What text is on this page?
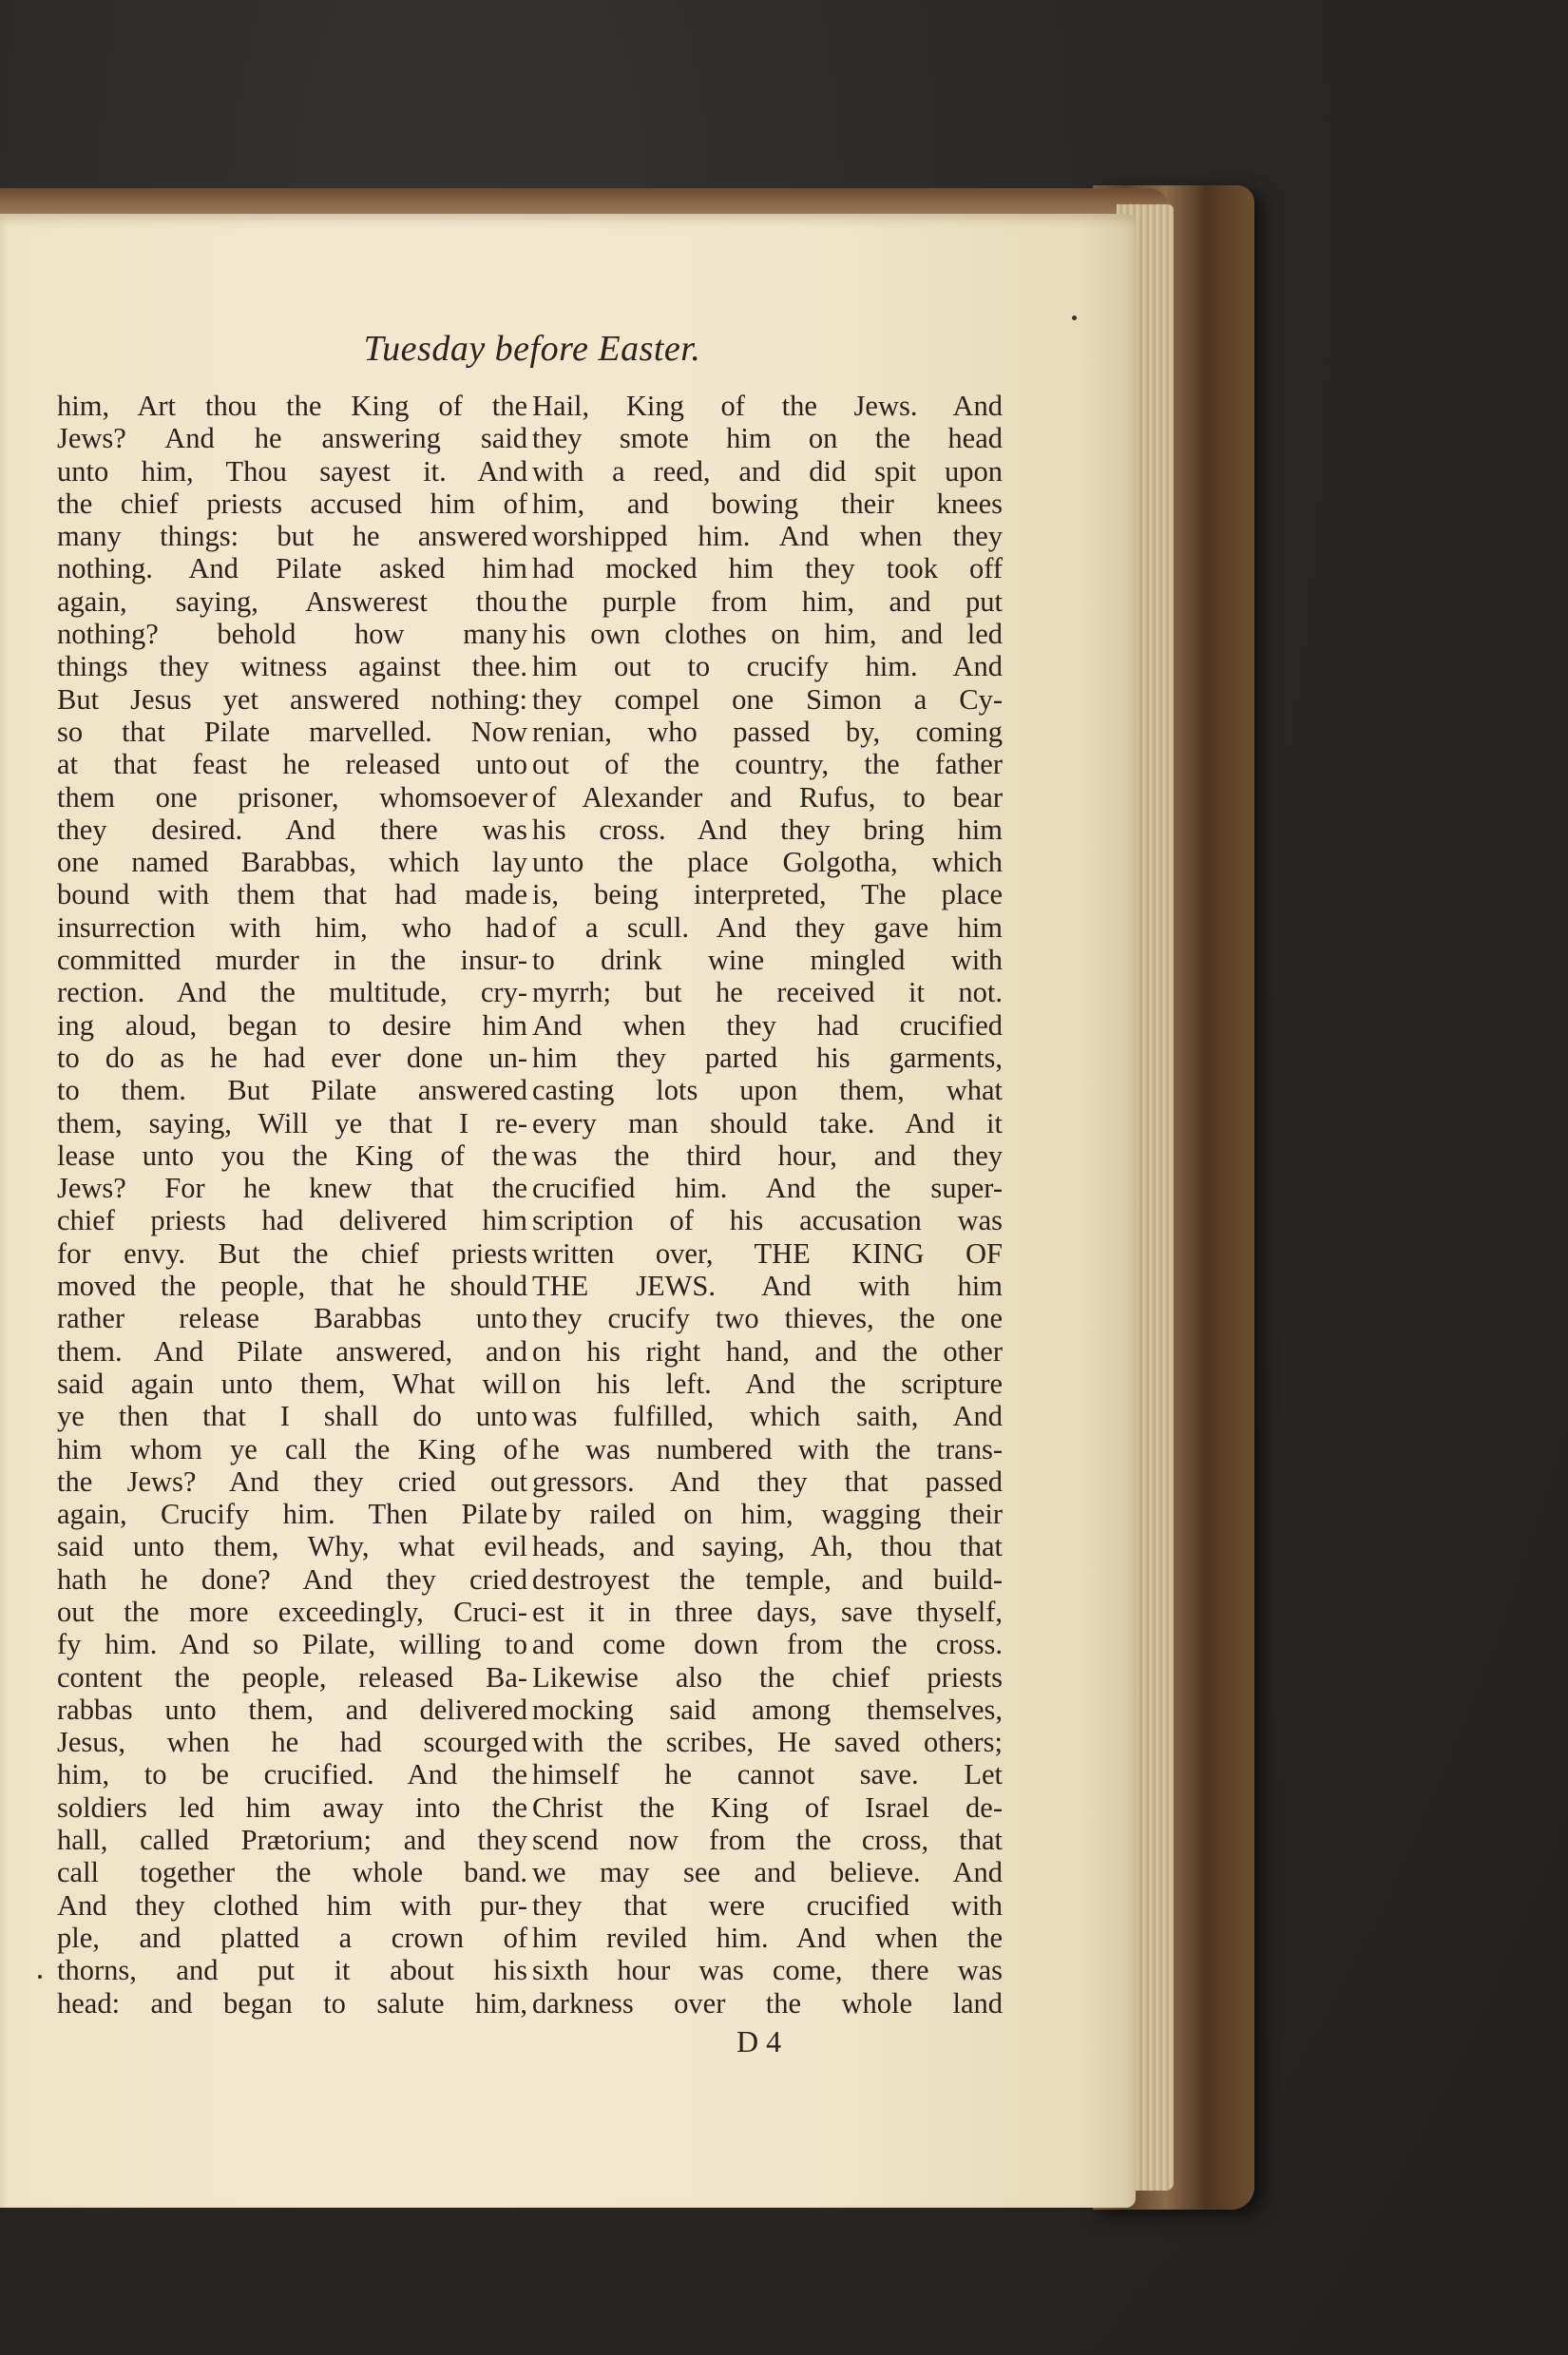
Tuesday before Easter.
him, Art thou the King of the
Jews? And he answering said
unto him, Thou sayest it. And
the chief priests accused him of
many things: but he answered
nothing. And Pilate asked him
again, saying, Answerest thou
nothing? behold how many
things they witness against thee.
But Jesus yet answered nothing:
so that Pilate marvelled. Now
at that feast he released unto
them one prisoner, whomsoever
they desired. And there was
one named Barabbas, which lay
bound with them that had made
insurrection with him, who had
committed murder in the insur-
rection. And the multitude, cry-
ing aloud, began to desire him
to do as he had ever done un-
to them. But Pilate answered
them, saying, Will ye that I re-
lease unto you the King of the
Jews? For he knew that the
chief priests had delivered him
for envy. But the chief priests
moved the people, that he should
rather release Barabbas unto
them. And Pilate answered, and
said again unto them, What will
ye then that I shall do unto
him whom ye call the King of
the Jews? And they cried out
again, Crucify him. Then Pilate
said unto them, Why, what evil
hath he done? And they cried
out the more exceedingly, Cruci-
fy him. And so Pilate, willing to
content the people, released Ba-
rabbas unto them, and delivered
Jesus, when he had scourged
him, to be crucified. And the
soldiers led him away into the
hall, called Prætorium; and they
call together the whole band.
And they clothed him with pur-
ple, and platted a crown of
thorns, and put it about his
head: and began to salute him,
Hail, King of the Jews. And
they smote him on the head
with a reed, and did spit upon
him, and bowing their knees
worshipped him. And when they
had mocked him they took off
the purple from him, and put
his own clothes on him, and led
him out to crucify him. And
they compel one Simon a Cy-
renian, who passed by, coming
out of the country, the father
of Alexander and Rufus, to bear
his cross. And they bring him
unto the place Golgotha, which
is, being interpreted, The place
of a scull. And they gave him
to drink wine mingled with
myrrh; but he received it not.
And when they had crucified
him they parted his garments,
casting lots upon them, what
every man should take. And it
was the third hour, and they
crucified him. And the super-
scription of his accusation was
written over, THE KING OF
THE JEWS. And with him
they crucify two thieves, the one
on his right hand, and the other
on his left. And the scripture
was fulfilled, which saith, And
he was numbered with the trans-
gressors. And they that passed
by railed on him, wagging their
heads, and saying, Ah, thou that
destroyest the temple, and build-
est it in three days, save thyself,
and come down from the cross.
Likewise also the chief priests
mocking said among themselves,
with the scribes, He saved others;
himself he cannot save. Let
Christ the King of Israel de-
scend now from the cross, that
we may see and believe. And
they that were crucified with
him reviled him. And when the
sixth hour was come, there was
darkness over the whole land
D 4
